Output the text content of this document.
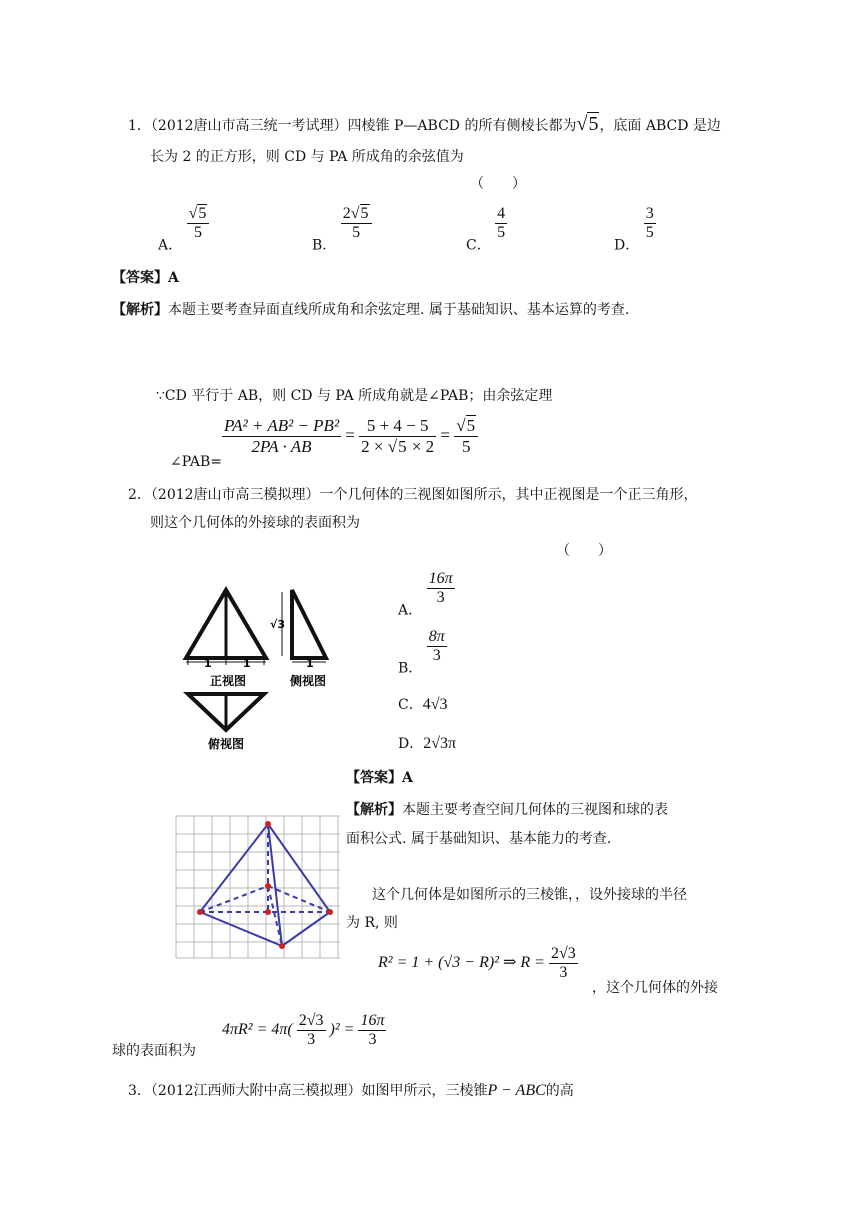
1．（2012唐山市高三统一考试理）四棱锥 P—ABCD 的所有侧棱长都为√5，底面 ABCD 是边
长为 2 的正方形，则 CD 与 PA 所成角的余弦值为
（　　）
A．
$\frac{√5}{5}$
B．
$\frac{2√5}{5}$
C．
$\frac{4}{5}$
D．
$\frac{3}{5}$
【答案】A
【解析】本题主要考查异面直线所成角和余弦定理. 属于基础知识、基本运算的考查.
∵CD 平行于 AB，则 CD 与 PA 所成角就是∠PAB；由余弦定理
∠PAB=
$\frac{\text{PA² + AB² − PB²}}{2PA \cdot AB} = \frac{5 + 4 - 5}{2 \times √5 \times 2} = \frac{√5}{5}$
2．（2012唐山市高三模拟理）一个几何体的三视图如图所示，其中正视图是一个正三角形，
则这个几何体的外接球的表面积为
（　　）
1	1
正视图
√3
1
侧视图
俯视图
A．
$\frac{16\pi}{3}$
B．
$\frac{8\pi}{3}$
C．4√3
D．2√3π
【答案】A
【解析】本题主要考查空间几何体的三视图和球的表
面积公式. 属于基础知识、基本能力的考查.
这个几何体是如图所示的三棱锥，，设外接球的半径
为 R, 则
R² = 1 + (√3 − R)² ⇒ $R = \frac{2√3}{3}$
，这个几何体的外接
球的表面积为
$4\pi R^2 = 4\pi( \frac{2√3}{3} )^2 = \frac{16\pi}{3}$
3．（2012江西师大附中高三模拟理）如图甲所示，三棱锥P − ABC的高
